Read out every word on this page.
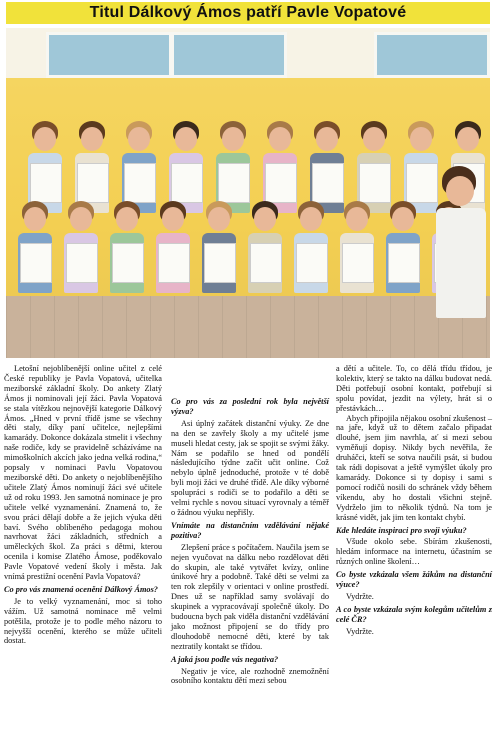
Titul Dálkový Ámos patří Pavle Vopatové

Letošní nejoblíbenější online učitel z celé České republiky je Pavla Vopatová, učitelka meziborské základní školy. Do ankety Zlatý Ámos ji nominovali její žáci. Pavla Vopatová se stala vítězkou nejnovější kategorie Dálkový Ámos. „Hned v první třídě jsme se všechny děti staly, díky paní učitelce, nejlepšími kamarády. Dokonce dokázala stmelit i všechny naše rodiče, kdy se pravidelně scházíváme na mimoškolních akcích jako jedna velká rodina,“ popsaly v nominaci Pavlu Vopatovou meziborské děti. Do ankety o nejoblíbenějšího učitele Zlatý Ámos nominují žáci své učitele už od roku 1993. Jen samotná nominace je pro učitele velké vyznamenání. Znamená to, že svou práci dělají dobře a že jejich výuka děti baví. Svého oblíbeného pedagoga mohou navrhovat žáci základních, středních a uměleckých škol. Za práci s dětmi, kterou ocenila i komise Zlatého Ámose, poděkovalo Pavle Vopatové vedení školy i města. Jak vnímá prestižní ocenění Pavla Vopatová?

Co pro vás znamená ocenění Dálkový Ámos?

Je to velký vyznamenání, moc si toho vážím. Už samotná nominace mě velmi potěšila, protože je to podle mého názoru to nejvyšší ocenění, kterého se může učiteli dostat.

Co pro vás za poslední rok byla největší výzva?

Asi úplný začátek distanční výuky. Ze dne na den se zavřely školy a my učitelé jsme museli hledat cesty, jak se spojit se svými žáky. Nám se podařilo se hned od pondělí následujícího týdne začít učit online. Což nebylo úplně jednoduché, protože v té době byli moji žáci ve druhé třídě. Ale díky výborné spolupráci s rodiči se to podařilo a děti se velmi rychle s novou situací vyrovnaly a téměř o žádnou výuku nepřišly.

Vnímáte na distančním vzdělávání nějaké pozitiva?

Zlepšení práce s počítačem. Naučila jsem se nejen vyučovat na dálku nebo rozdělovat děti do skupin, ale také vytvářet kvízy, online únikové hry a podobně. Také děti se velmi za ten rok zlepšily v orientaci v online prostředí. Dnes už se například samy svolávají do skupinek a vypracovávají společně úkoly. Do budoucna bych pak viděla distanční vzdělávání jako možnost připojení se do třídy pro dlouhodobě nemocné děti, které by tak neztratily kontakt se třídou.

A jaká jsou podle vás negativa?

Negativ je více, ale rozhodně znemožnění osobního kontaktu dětí mezi sebou

a dětí a učitele. To, co dělá třídu třídou, je kolektiv, který se takto na dálku budovat nedá. Děti potřebují osobní kontakt, potřebují si spolu povídat, jezdit na výlety, hrát si o přestávkách…

Abych připojila nějakou osobní zkušenost – na jaře, když už to dětem začalo připadat dlouhé, jsem jim navrhla, ať si mezi sebou vyměňují dopisy. Nikdy bych nevěřila, že druháčci, kteří se sotva naučili psát, si budou tak rádi dopisovat a ještě vymýšlet úkoly pro kamarády. Dokonce si ty dopisy i sami s pomocí rodičů nosili do schránek vždy během víkendu, aby ho dostali všichni stejně. Vydrželo jim to několik týdnů. Na tom je krásné vidět, jak jim ten kontakt chybí.

Kde hledáte inspiraci pro svoji výuku?

Všude okolo sebe. Sbírám zkušenosti, hledám informace na internetu, účastním se různých online školení…

Co byste vzkázala všem žákům na distanční výuce?

Vydržte.

A co byste vzkázala svým kolegům učitelům z celé ČR?

Vydržte.
